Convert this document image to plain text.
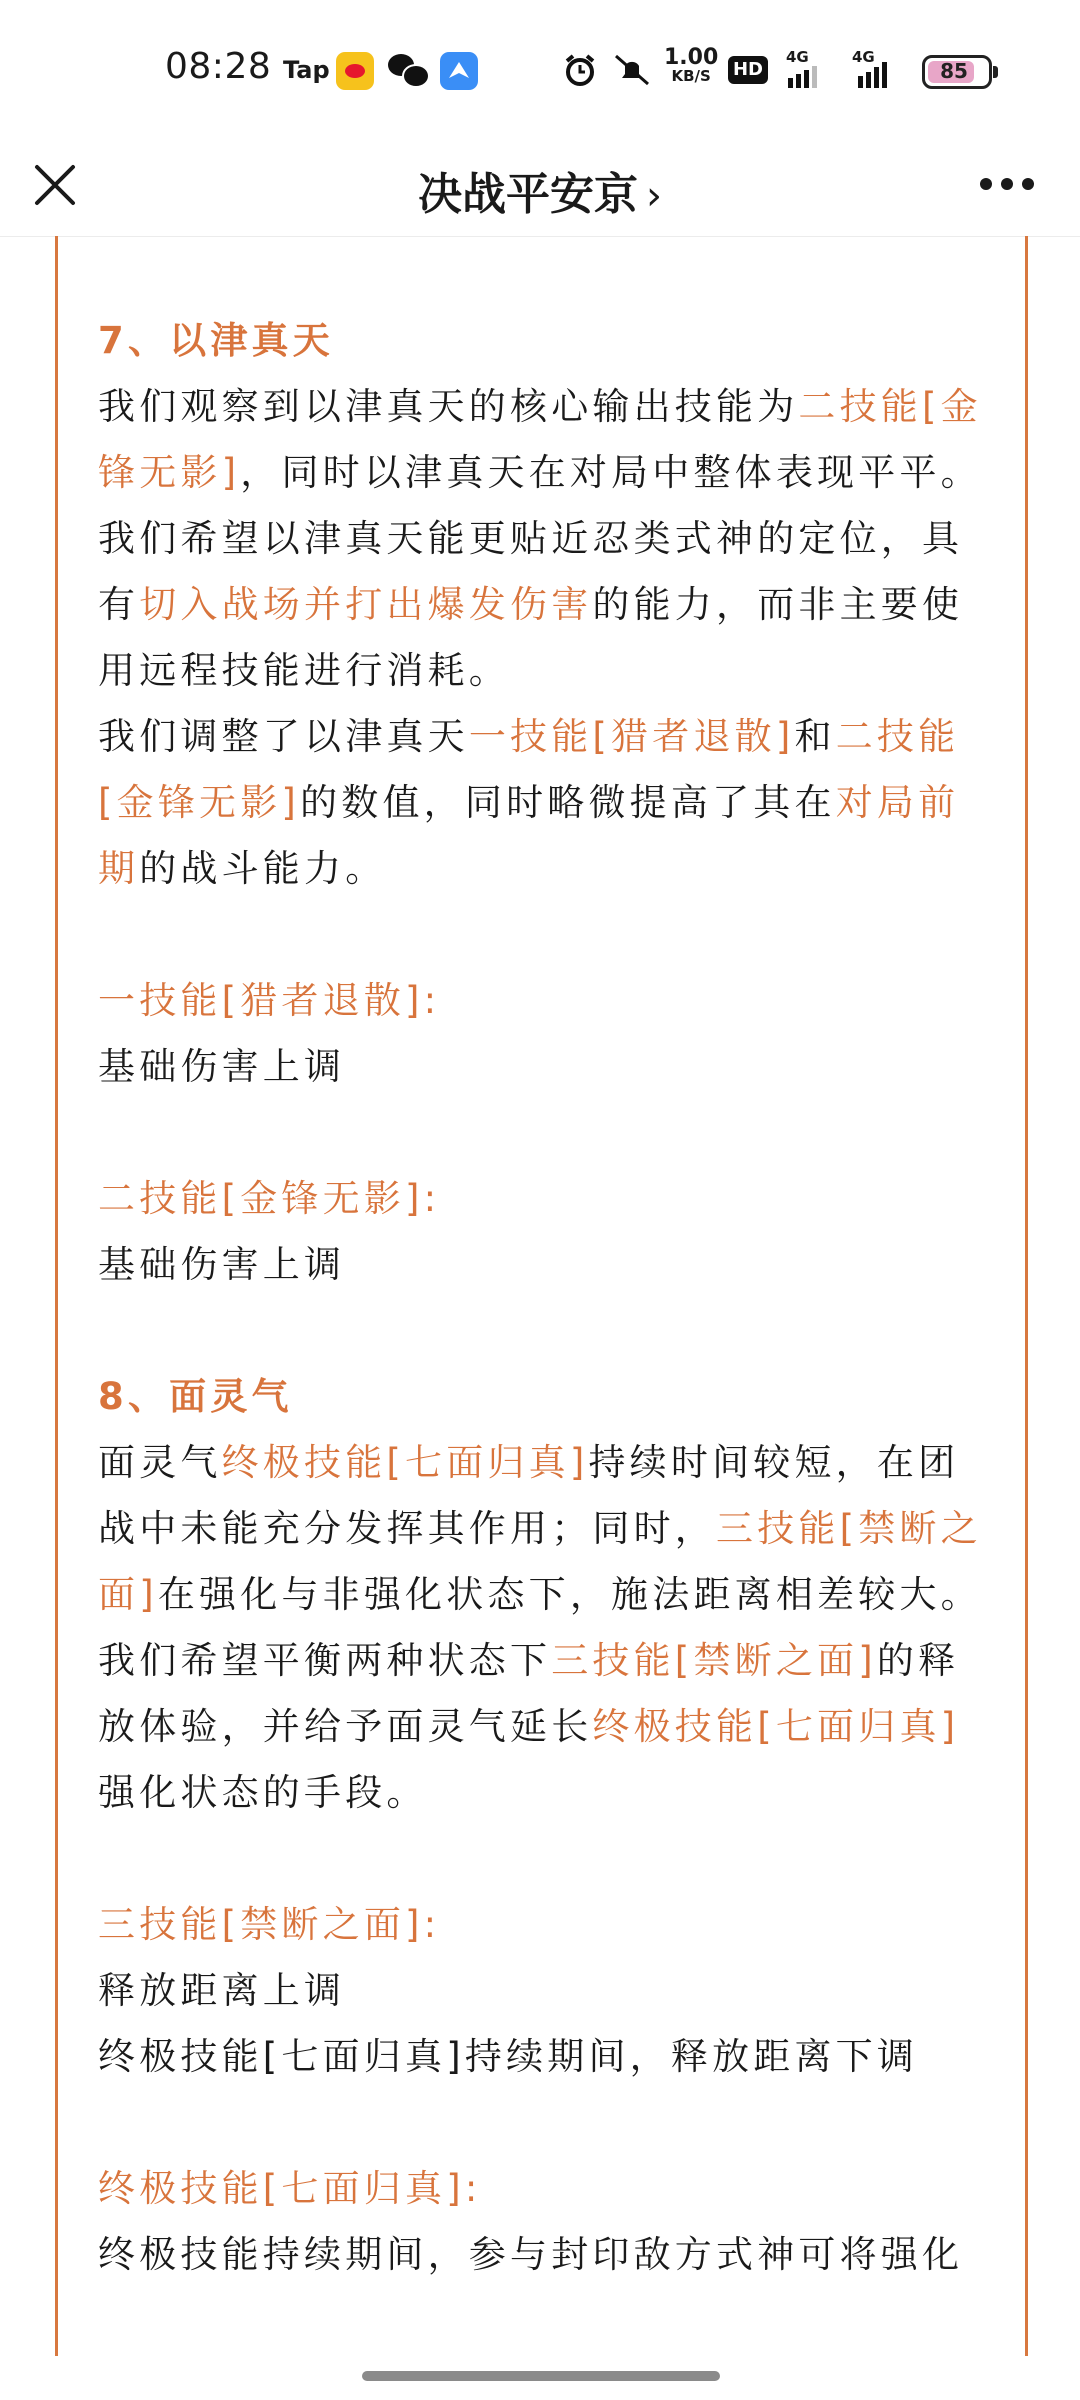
08:28 Tap	1.00
KB/S	HD
4G	4G
85
决战平安京 ›

7、以津真天

我们观察到以津真天的核心输出技能为二技能[金锋无影]，同时以津真天在对局中整体表现平平。我们希望以津真天能更贴近忍类式神的定位，具有切入战场并打出爆发伤害的能力，而非主要使用远程技能进行消耗。

我们调整了以津真天一技能[猎者退散]和二技能[金锋无影]的数值，同时略微提高了其在对局前期的战斗能力。

一技能[猎者退散]:

基础伤害上调

二技能[金锋无影]:

基础伤害上调

8、面灵气

面灵气终极技能[七面归真]持续时间较短，在团战中未能充分发挥其作用；同时，三技能[禁断之面]在强化与非强化状态下，施法距离相差较大。

我们希望平衡两种状态下三技能[禁断之面]的释放体验，并给予面灵气延长终极技能[七面归真]强化状态的手段。

三技能[禁断之面]:

释放距离上调

终极技能[七面归真]持续期间，释放距离下调

终极技能[七面归真]:

终极技能持续期间，参与封印敌方式神可将强化
